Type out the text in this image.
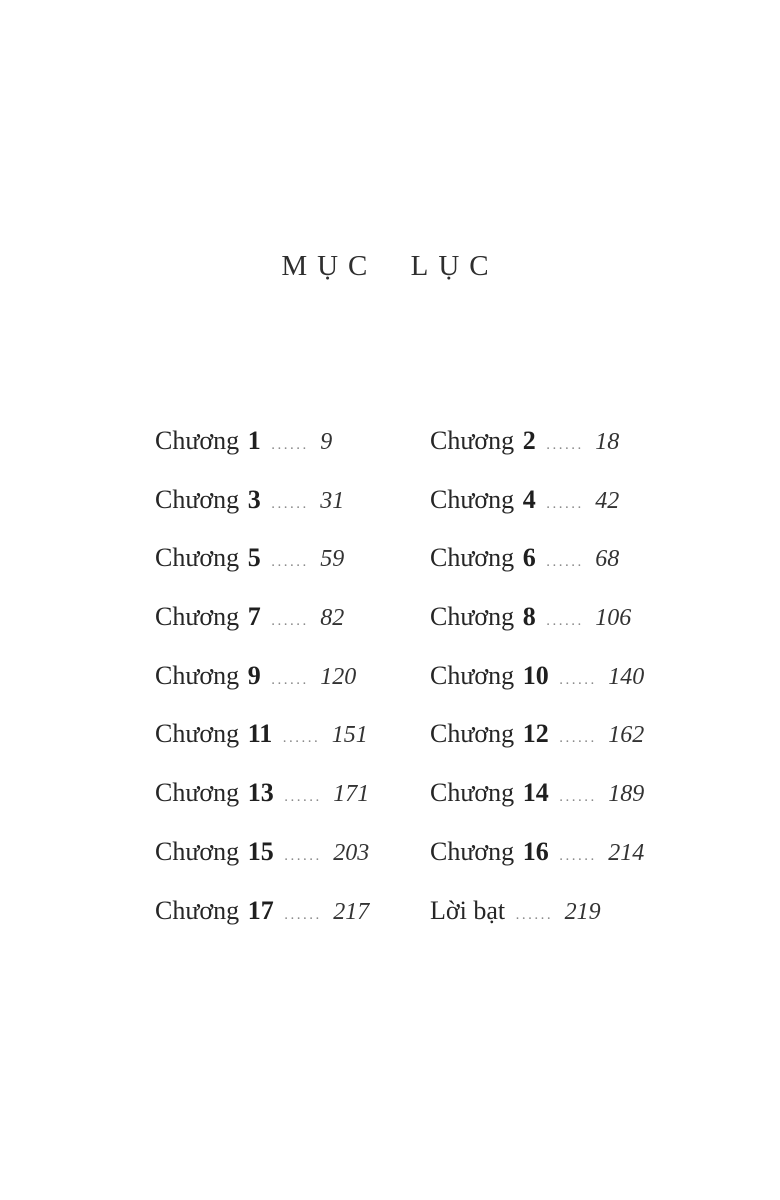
MỤC LỤC
Chương 1 ...... 9
Chương 3 ...... 31
Chương 5 ...... 59
Chương 7 ...... 82
Chương 9 ...... 120
Chương 11 ...... 151
Chương 13 ...... 171
Chương 15 ...... 203
Chương 17 ...... 217
Chương 2 ...... 18
Chương 4 ...... 42
Chương 6 ...... 68
Chương 8 ...... 106
Chương 10 ...... 140
Chương 12 ...... 162
Chương 14 ...... 189
Chương 16 ...... 214
Lời bạt ...... 219
